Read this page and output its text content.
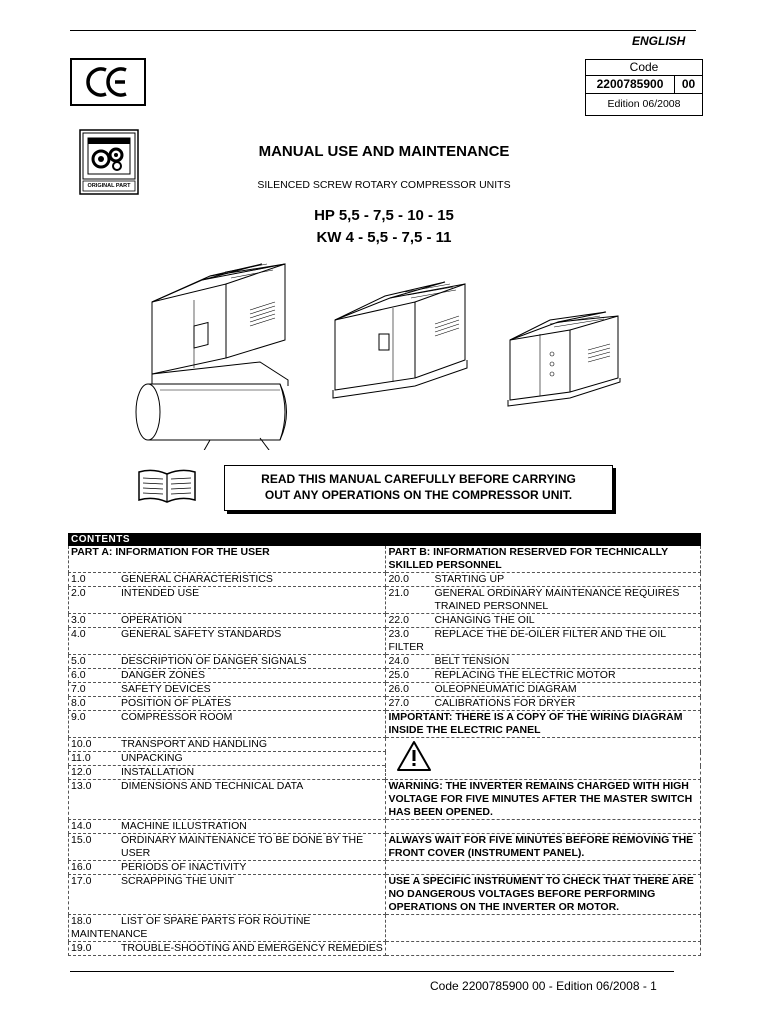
ENGLISH
Code
2200785900	00
Edition 06/2008
ORIGINAL PART
MANUAL USE AND MAINTENANCE
SILENCED SCREW ROTARY COMPRESSOR UNITS
HP 5,5 - 7,5 - 10 - 15
KW 4 - 5,5 - 7,5 - 11
READ THIS MANUAL CAREFULLY BEFORE CARRYING
OUT ANY OPERATIONS ON THE COMPRESSOR UNIT.
CONTENTS	
PART A: INFORMATION FOR THE USER	PART B: INFORMATION RESERVED FOR TECHNICALLY SKILLED PERSONNEL
1.0 GENERAL CHARACTERISTICS	20.0 STARTING UP
2.0 INTENDED USE	21.0 GENERAL ORDINARY MAINTENANCE REQUIRES
TRAINED PERSONNEL

3.0 OPERATION	22.0 CHANGING THE OIL
4.0 GENERAL SAFETY STANDARDS	23.0 REPLACE THE DE-OILER FILTER AND THE OIL FILTER
5.0 DESCRIPTION OF DANGER SIGNALS	24.0 BELT TENSION
6.0 DANGER ZONES	25.0 REPLACING THE ELECTRIC MOTOR
7.0 SAFETY DEVICES	26.0 OLEOPNEUMATIC DIAGRAM
8.0 POSITION OF PLATES	27.0 CALIBRATIONS FOR DRYER
9.0 COMPRESSOR ROOM	IMPORTANT: THERE IS A COPY OF THE WIRING DIAGRAM INSIDE THE ELECTRIC PANEL
10.0 TRANSPORT AND HANDLING	
11.0 UNPACKING	
12.0 INSTALLATION	
13.0 DIMENSIONS AND TECHNICAL DATA	WARNING: THE INVERTER REMAINS CHARGED WITH HIGH VOLTAGE FOR FIVE MINUTES AFTER THE MASTER SWITCH HAS BEEN OPENED.
14.0 MACHINE ILLUSTRATION	
15.0 ORDINARY MAINTENANCE TO BE DONE BY THE
USER	ALWAYS WAIT FOR FIVE MINUTES BEFORE REMOVING THE FRONT COVER (INSTRUMENT PANEL).
16.0 PERIODS OF INACTIVITY	
17.0 SCRAPPING THE UNIT	USE A SPECIFIC INSTRUMENT TO CHECK THAT THERE ARE NO DANGEROUS VOLTAGES BEFORE PERFORMING OPERATIONS ON THE INVERTER OR MOTOR.
18.0 LIST OF SPARE PARTS FOR ROUTINE MAINTENANCE	
19.0 TROUBLE-SHOOTING AND EMERGENCY REMEDIES	
Code 2200785900 00 - Edition 06/2008 - 1
